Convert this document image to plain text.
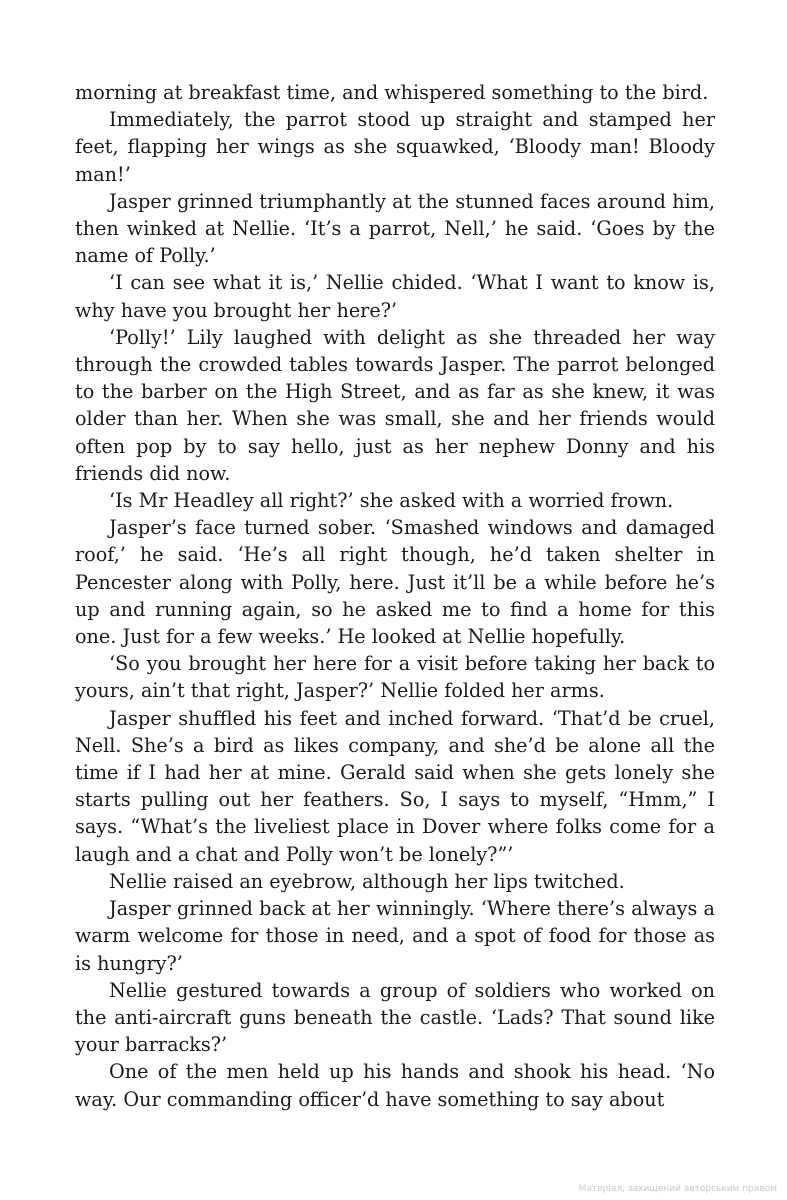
morning at breakfast time, and whispered something to the bird.

Immediately, the parrot stood up straight and stamped her feet, flapping her wings as she squawked, ‘Bloody man! Bloody man!’

Jasper grinned triumphantly at the stunned faces around him, then winked at Nellie. ‘It’s a parrot, Nell,’ he said. ‘Goes by the name of Polly.’

‘I can see what it is,’ Nellie chided. ‘What I want to know is, why have you brought her here?’

‘Polly!’ Lily laughed with delight as she threaded her way through the crowded tables towards Jasper. The parrot belonged to the barber on the High Street, and as far as she knew, it was older than her. When she was small, she and her friends would often pop by to say hello, just as her nephew Donny and his friends did now.

‘Is Mr Headley all right?’ she asked with a worried frown.

Jasper’s face turned sober. ‘Smashed windows and damaged roof,’ he said. ‘He’s all right though, he’d taken shelter in Pencester along with Polly, here. Just it’ll be a while before he’s up and running again, so he asked me to find a home for this one. Just for a few weeks.’ He looked at Nellie hopefully.

‘So you brought her here for a visit before taking her back to yours, ain’t that right, Jasper?’ Nellie folded her arms.

Jasper shuffled his feet and inched forward. ‘That’d be cruel, Nell. She’s a bird as likes company, and she’d be alone all the time if I had her at mine. Gerald said when she gets lonely she starts pulling out her feathers. So, I says to myself, “Hmm,” I says. “What’s the liveliest place in Dover where folks come for a laugh and a chat and Polly won’t be lonely?”’

Nellie raised an eyebrow, although her lips twitched.

Jasper grinned back at her winningly. ‘Where there’s always a warm welcome for those in need, and a spot of food for those as is hungry?’

Nellie gestured towards a group of soldiers who worked on the anti-aircraft guns beneath the castle. ‘Lads? That sound like your barracks?’

One of the men held up his hands and shook his head. ‘No way. Our commanding officer’d have something to say about

Матеріал, захищений авторським правом
